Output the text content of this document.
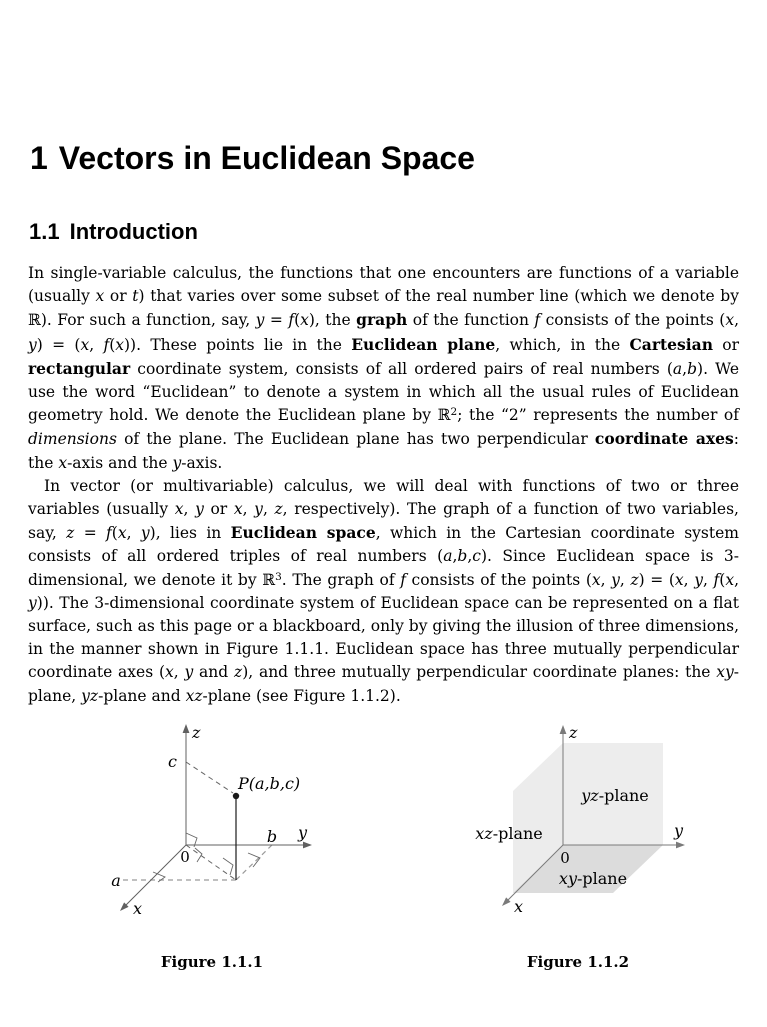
1 Vectors in Euclidean Space
1.1 Introduction

In single-variable calculus, the functions that one encounters are functions of a variable (usually x or t) that varies over some subset of the real number line (which we denote by ℝ). For such a function, say, y = f(x), the graph of the function f consists of the points (x, y) = (x, f(x)). These points lie in the Euclidean plane, which, in the Cartesian or rectangular coordinate system, consists of all ordered pairs of real numbers (a,b). We use the word “Euclidean” to denote a system in which all the usual rules of Euclidean geometry hold. We denote the Euclidean plane by ℝ$^2$; the “2” represents the number of dimensions of the plane. The Euclidean plane has two perpendicular coordinate axes: the x-axis and the y-axis.

In vector (or multivariable) calculus, we will deal with functions of two or three variables (usually x, y or x, y, z, respectively). The graph of a function of two variables, say, z = f(x, y), lies in Euclidean space, which in the Cartesian coordinate system consists of all ordered triples of real numbers (a,b,c). Since Euclidean space is 3-dimensional, we denote it by ℝ$^3$. The graph of f consists of the points (x, y, z) = (x, y, f(x, y)). The 3-dimensional coordinate system of Euclidean space can be represented on a flat surface, such as this page or a blackboard, only by giving the illusion of three dimensions, in the manner shown in Figure 1.1.1. Euclidean space has three mutually perpendicular coordinate axes (x, y and z), and three mutually perpendicular coordinate planes: the xy-plane, yz-plane and xz-plane (see Figure 1.1.2).

z
y
x
0
c
b
a
P(a,b,c)
z
y
x
0
yz-plane
xz-plane
xy-plane
Figure 1.1.1	Figure 1.1.2
